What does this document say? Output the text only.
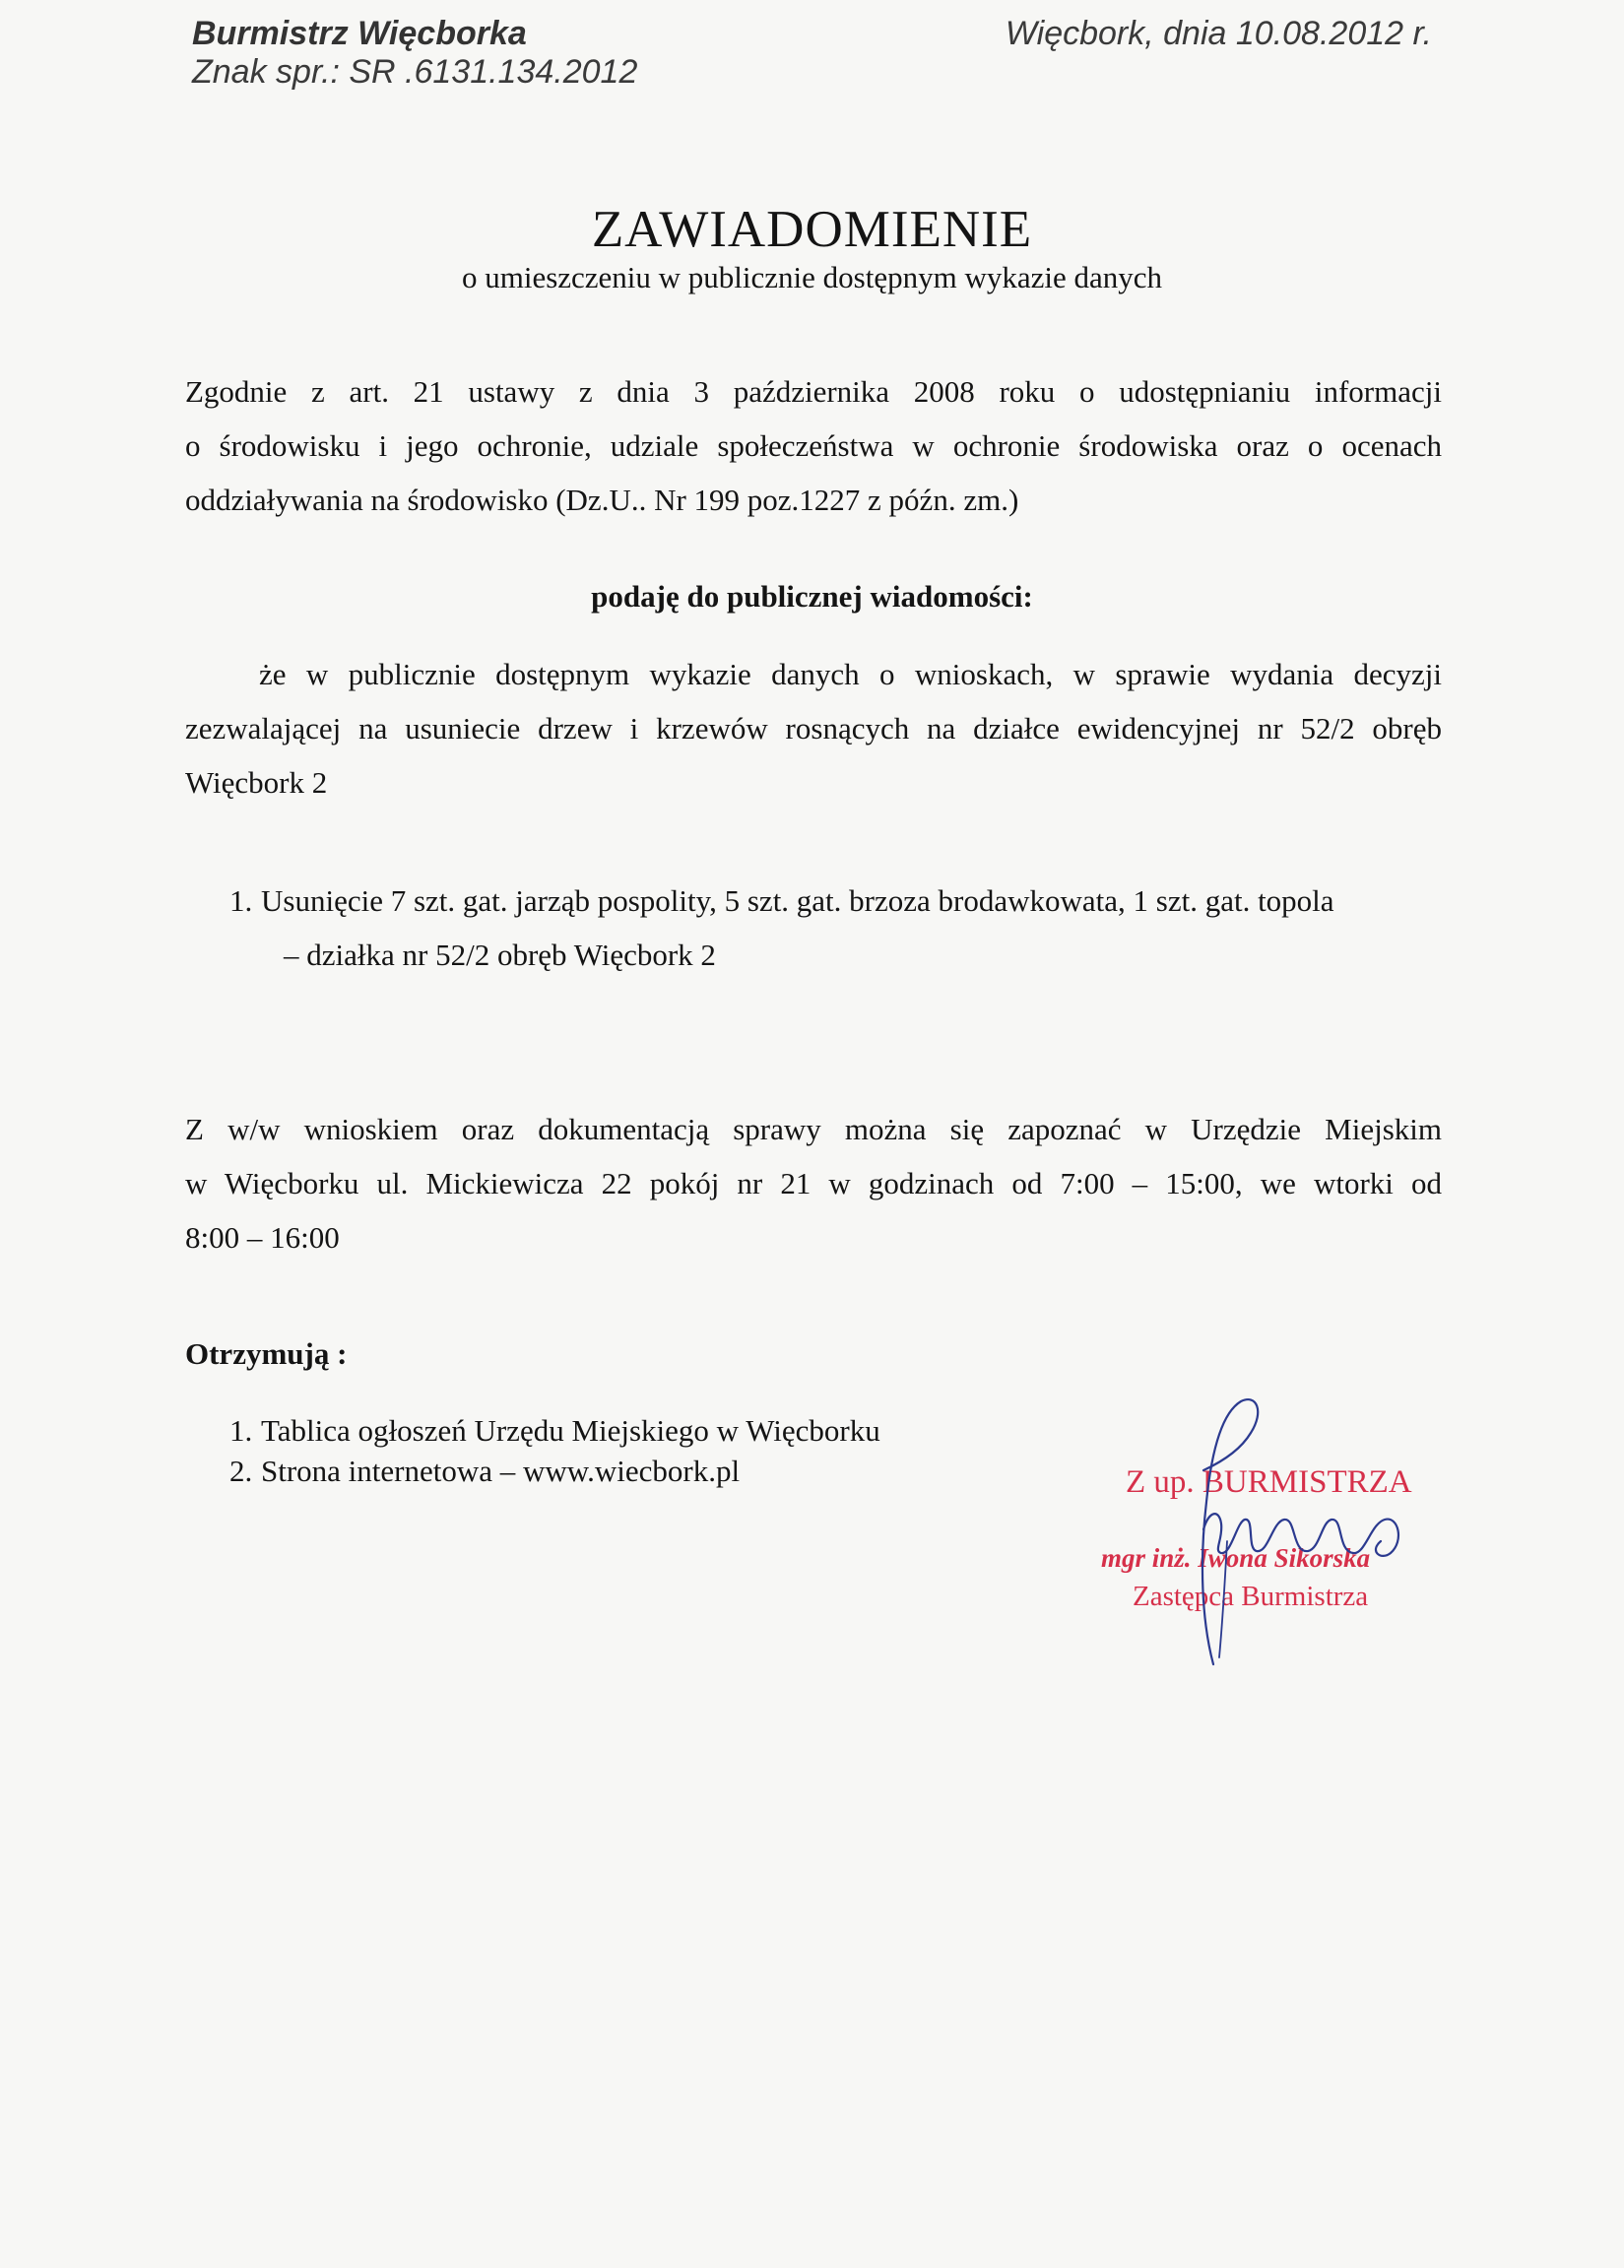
Burmistrz Więcborka
Znak spr.: SR .6131.134.2012
Więcbork, dnia 10.08.2012 r.
ZAWIADOMIENIE

o umieszczeniu w publicznie dostępnym wykazie danych

Zgodnie z art. 21 ustawy z dnia 3 października 2008 roku o udostępnianiu informacji
o środowisku i jego ochronie, udziale społeczeństwa w ochronie środowiska oraz o ocenach
oddziaływania na środowisko (Dz.U.. Nr 199 poz.1227 z późn. zm.)

podaję do publicznej wiadomości:

że w publicznie dostępnym wykazie danych o wnioskach, w sprawie wydania decyzji
zezwalającej na usuniecie drzew i krzewów rosnących na działce ewidencyjnej nr 52/2 obręb
Więcbork 2

1. Usunięcie 7 szt. gat. jarząb pospolity, 5 szt. gat. brzoza brodawkowata, 1 szt. gat. topola
– działka nr 52/2 obręb Więcbork 2

Z w/w wnioskiem oraz dokumentacją sprawy można się zapoznać w Urzędzie Miejskim
w Więcborku ul. Mickiewicza 22 pokój nr 21 w godzinach od 7:00 – 15:00, we wtorki od
8:00 – 16:00

Otrzymują :
1. Tablica ogłoszeń Urzędu Miejskiego w Więcborku
2. Strona internetowa – www.wiecbork.pl	Z up. BURMISTRZA
mgr inż. Iwona Sikorska
Zastępca Burmistrza
